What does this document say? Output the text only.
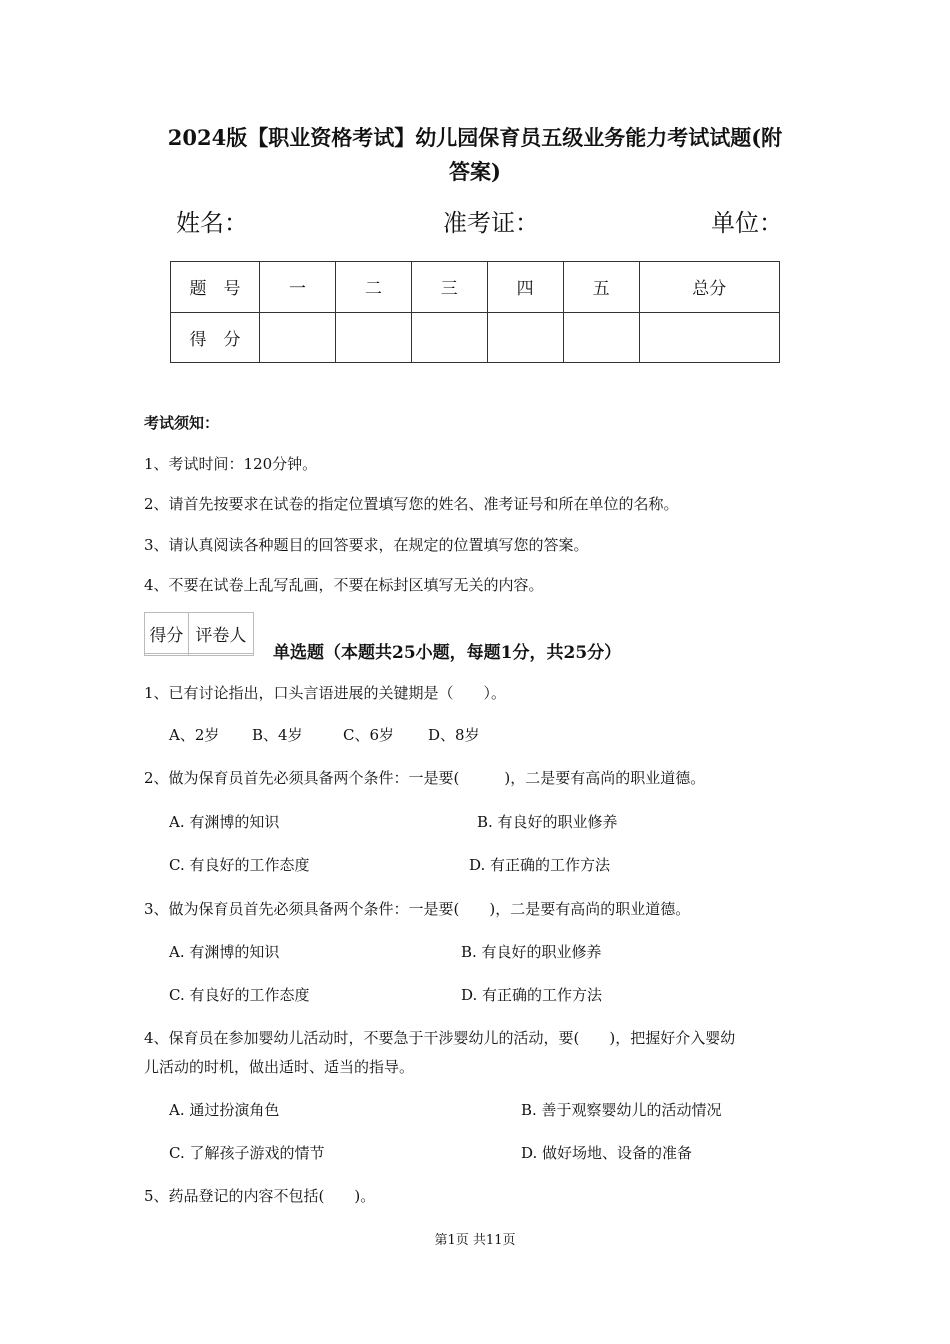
2024版【职业资格考试】幼儿园保育员五级业务能力考试试题(附
答案)
姓名：	准考证：	单位：
题　号	一	二	三	四	五	总分
得　分						
考试须知：
1、考试时间：120分钟。
2、请首先按要求在试卷的指定位置填写您的姓名、准考证号和所在单位的名称。
3、请认真阅读各种题目的回答要求，在规定的位置填写您的答案。
4、不要在试卷上乱写乱画，不要在标封区填写无关的内容。
得分	评卷人

单选题（本题共25小题，每题1分，共25分）
1、已有讨论指出，口头言语进展的关键期是（　　）。
A、2岁 B、4岁	C、6岁 D、8岁
2、做为保育员首先必须具备两个条件：一是要(　　　)，二是要有高尚的职业道德。
A. 有渊博的知识	B. 有良好的职业修养
C. 有良好的工作态度	D. 有正确的工作方法
3、做为保育员首先必须具备两个条件：一是要(　　)，二是要有高尚的职业道德。
A. 有渊博的知识	B. 有良好的职业修养
C. 有良好的工作态度	D. 有正确的工作方法
4、保育员在参加婴幼儿活动时，不要急于干涉婴幼儿的活动，要(　　)，把握好介入婴幼
儿活动的时机，做出适时、适当的指导。
A. 通过扮演角色	B. 善于观察婴幼儿的活动情况
C. 了解孩子游戏的情节	D. 做好场地、设备的准备
5、药品登记的内容不包括(　　)。
第1页 共11页
